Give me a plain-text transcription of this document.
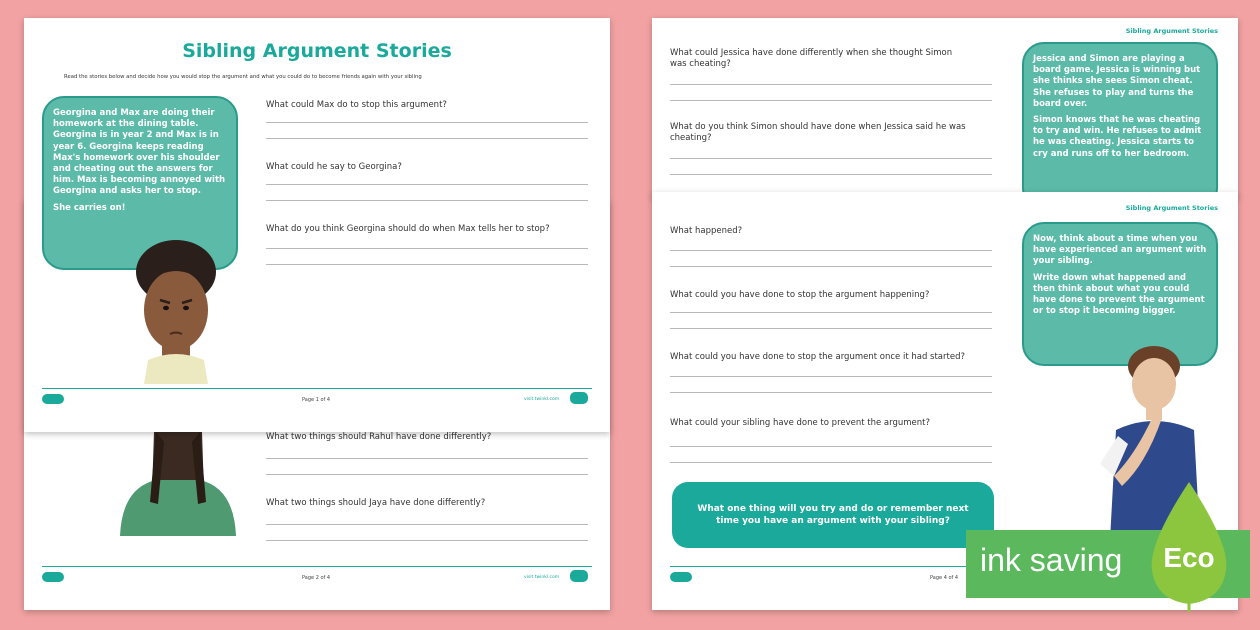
What two things should Rahul have done differently?
What two things should Jaya have done differently?
Page 2 of 4	visit twinkl.com
Sibling Argument Stories
Read the stories below and decide how you would stop the argument and what you could do to become friends again with your sibling

Georgina and Max are doing their homework at the dining table. Georgina is in year 2 and Max is in year 6. Georgina keeps reading Max's homework over his shoulder and cheating out the answers for him. Max is becoming annoyed with Georgina and asks her to stop.

She carries on!

What could Max do to stop this argument?
What could he say to Georgina?
What do you think Georgina should do when Max tells her to stop?
Page 1 of 4	visit twinkl.com
Sibling Argument Stories
What could Jessica have done differently when she thought Simon was cheating?
What do you think Simon should have done when Jessica said he was cheating?

Jessica and Simon are playing a board game. Jessica is winning but she thinks she sees Simon cheat. She refuses to play and turns the board over.

Simon knows that he was cheating to try and win. He refuses to admit he was cheating. Jessica starts to cry and runs off to her bedroom.

Sibling Argument Stories
What happened?
What could you have done to stop the argument happening?
What could you have done to stop the argument once it had started?
What could your sibling have done to prevent the argument?

Now, think about a time when you have experienced an argument with your sibling.

Write down what happened and then think about what you could have done to prevent the argument or to stop it becoming bigger.

What one thing will you try and do or remember next time you have an argument with your sibling?
Page 4 of 4 ink saving	Eco
